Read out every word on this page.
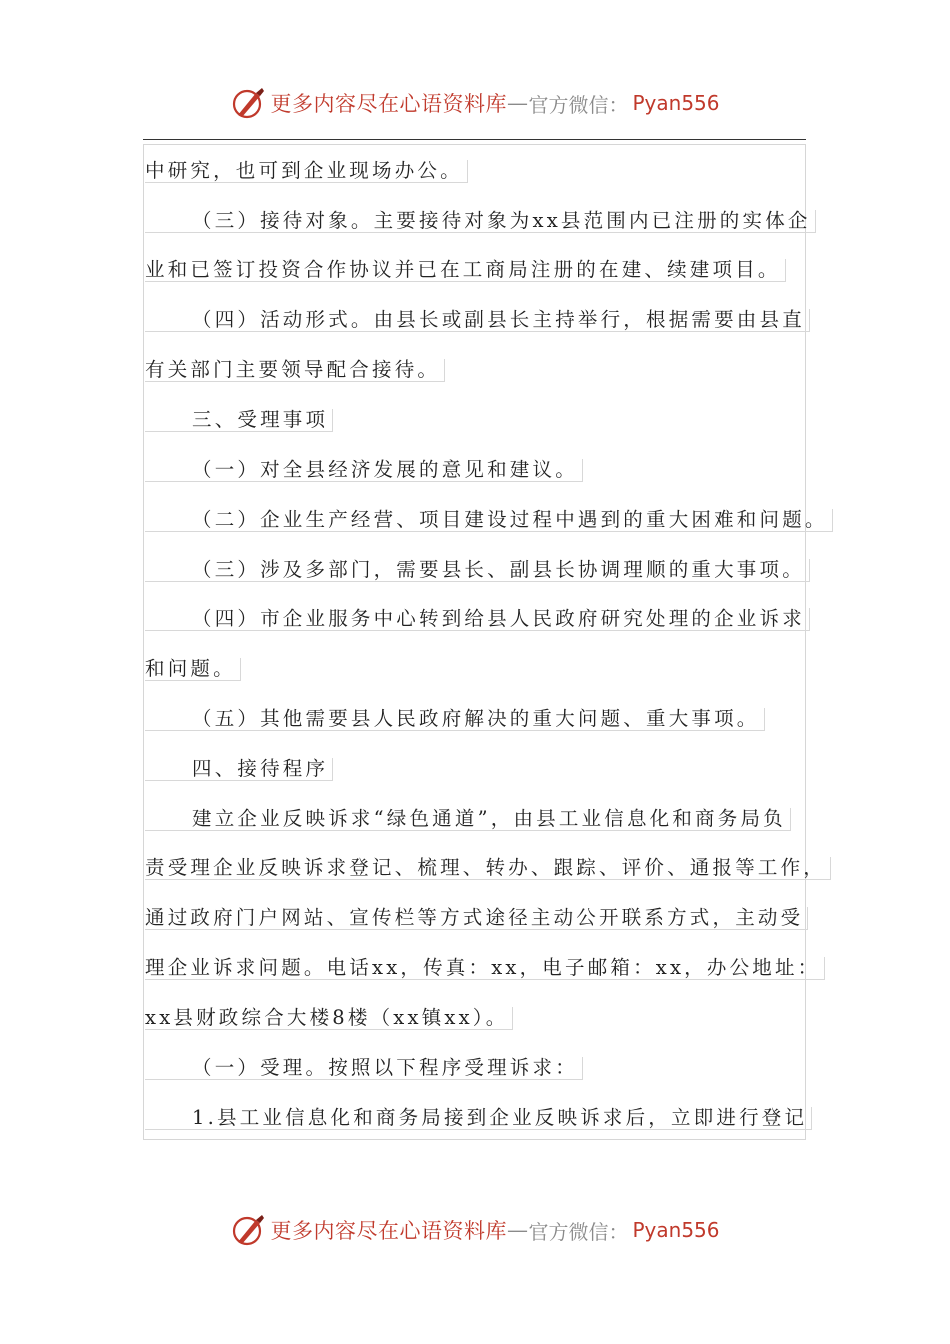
更多内容尽在心语资料库 — 官方微信： Pyan556
中研究，也可到企业现场办公。
（三）接待对象。主要接待对象为xx县范围内已注册的实体企
业和已签订投资合作协议并已在工商局注册的在建、续建项目。
（四）活动形式。由县长或副县长主持举行，根据需要由县直
有关部门主要领导配合接待。
三、受理事项
（一）对全县经济发展的意见和建议。
（二）企业生产经营、项目建设过程中遇到的重大困难和问题。
（三）涉及多部门，需要县长、副县长协调理顺的重大事项。
（四）市企业服务中心转到给县人民政府研究处理的企业诉求
和问题。
（五）其他需要县人民政府解决的重大问题、重大事项。
四、接待程序
建立企业反映诉求“绿色通道”，由县工业信息化和商务局负
责受理企业反映诉求登记、梳理、转办、跟踪、评价、通报等工作，
通过政府门户网站、宣传栏等方式途径主动公开联系方式，主动受
理企业诉求问题。电话xx，传真：xx，电子邮箱：xx，办公地址：
xx县财政综合大楼8楼（xx镇xx）。
（一）受理。按照以下程序受理诉求：
1.县工业信息化和商务局接到企业反映诉求后，立即进行登记
更多内容尽在心语资料库 — 官方微信： Pyan556
